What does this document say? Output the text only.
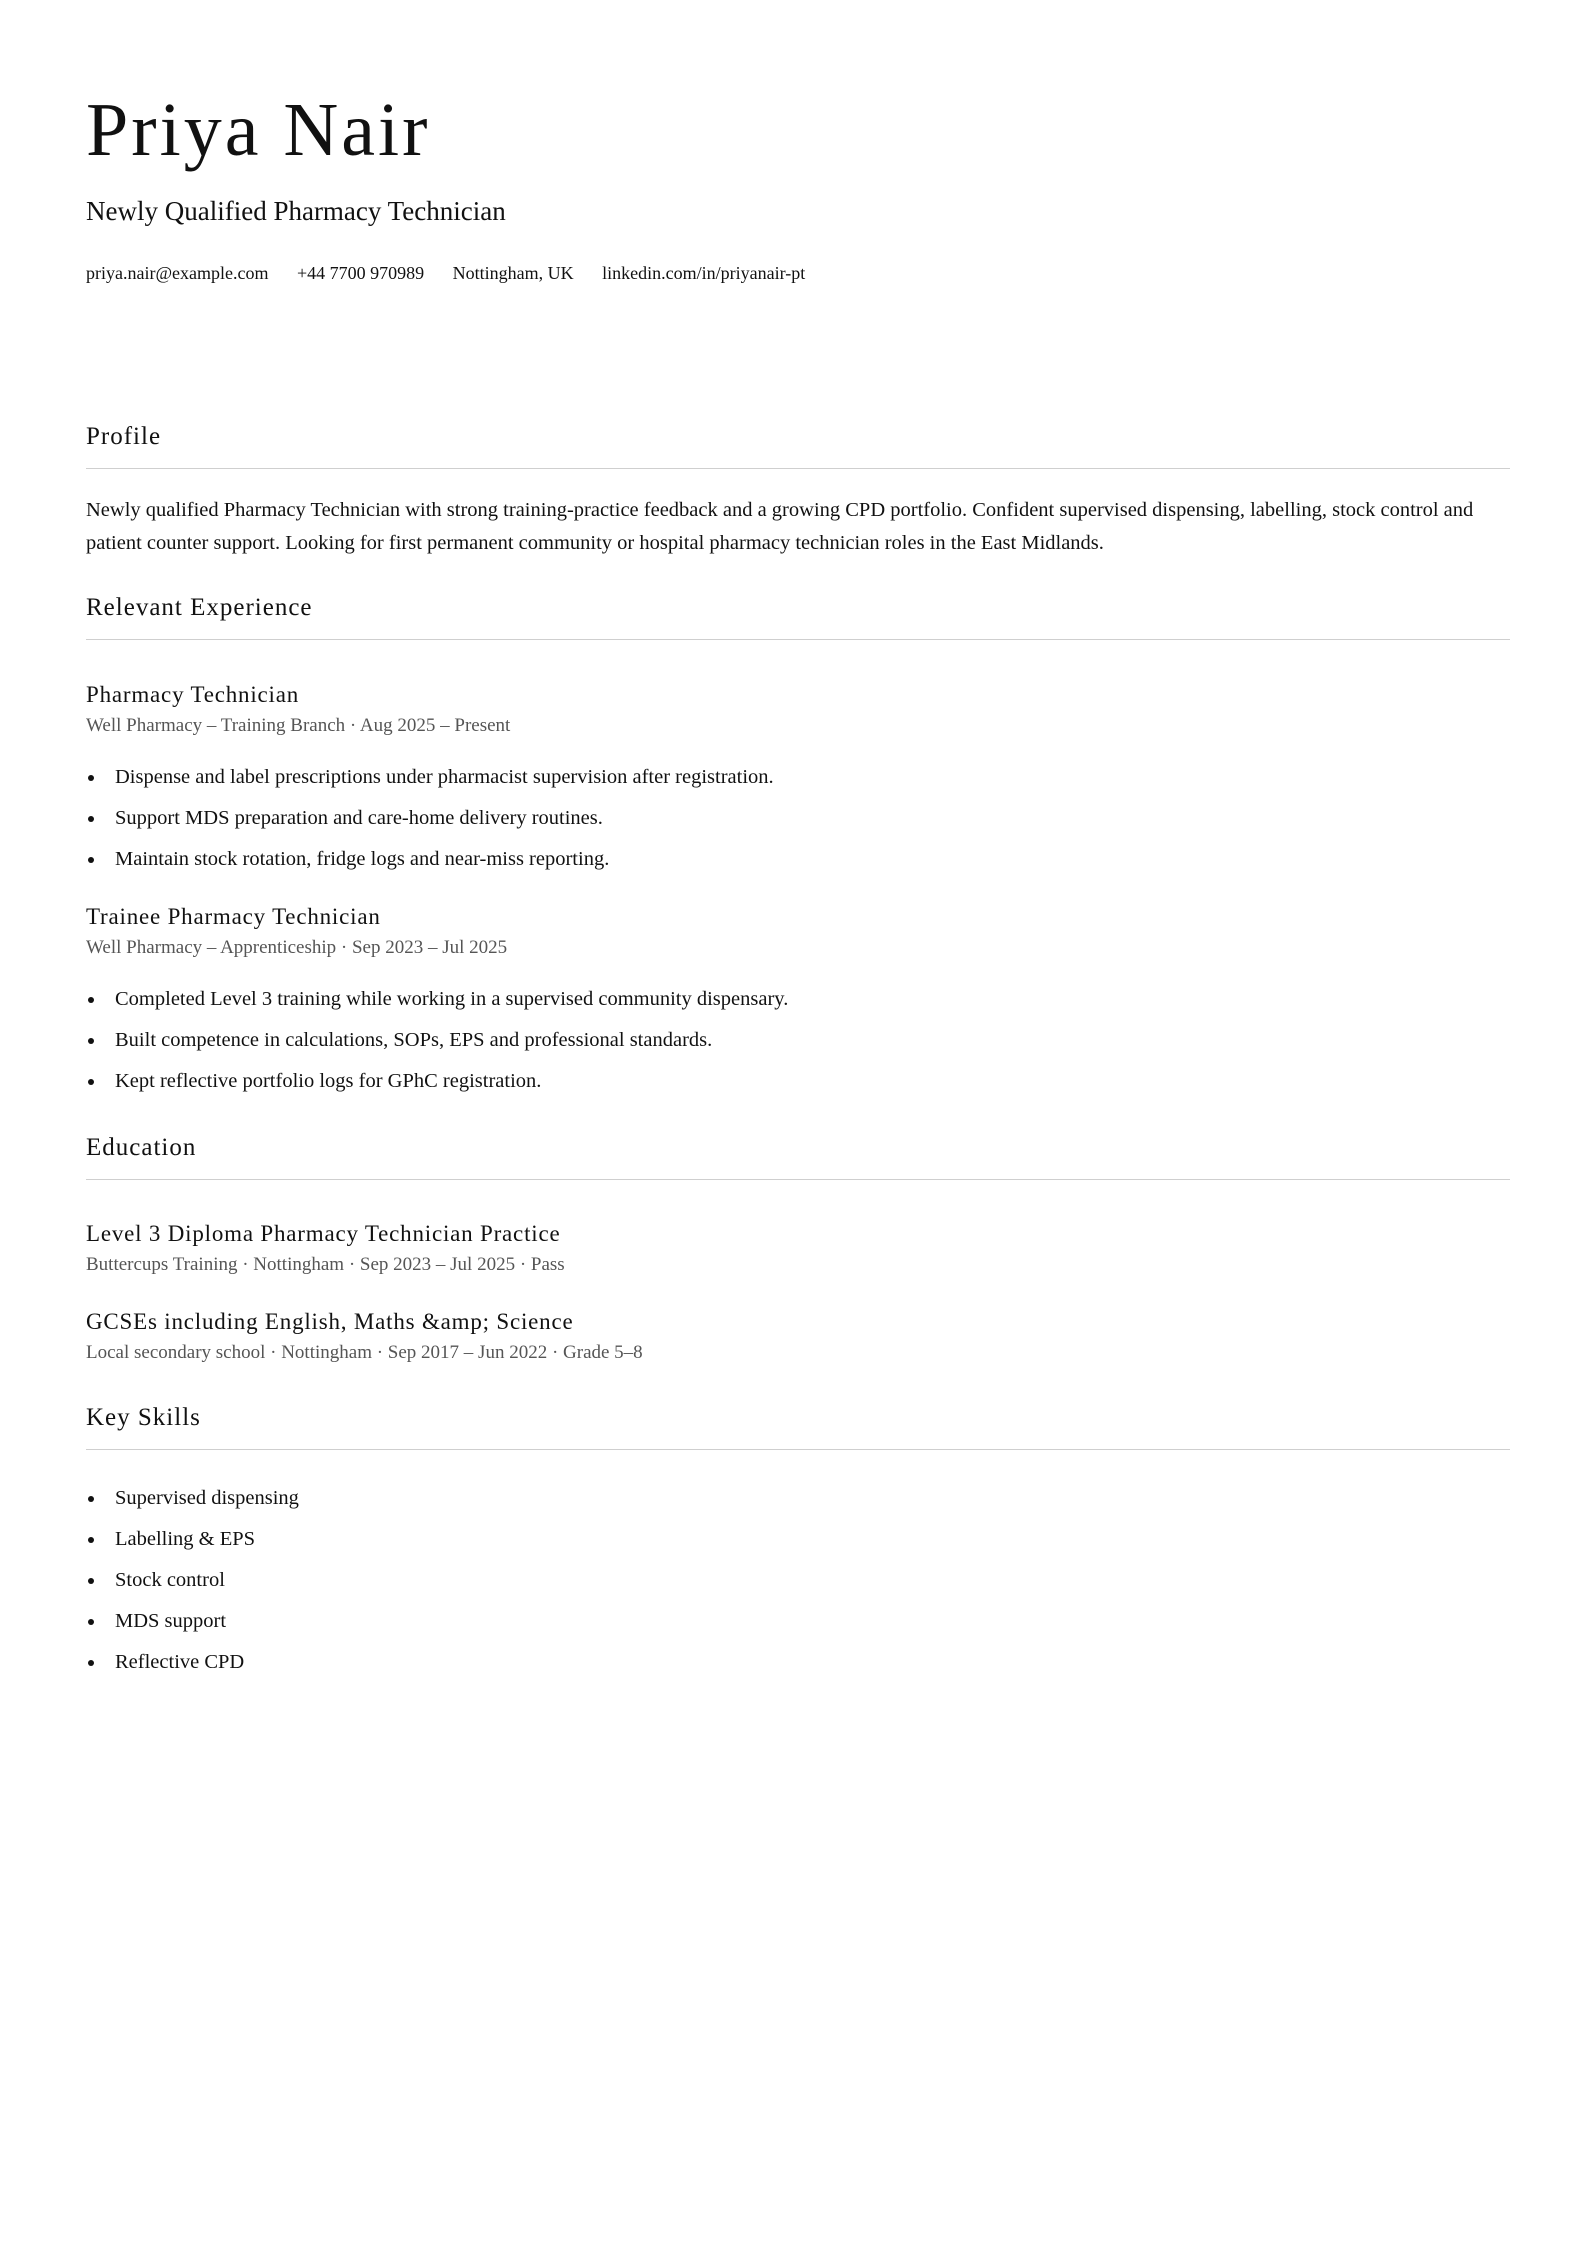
Priya Nair
Newly Qualified Pharmacy Technician
priya.nair@example.com +44 7700 970989 Nottingham, UK linkedin.com/in/priyanair-pt
Profile

Newly qualified Pharmacy Technician with strong training-practice feedback and a growing CPD portfolio. Confident supervised dispensing, labelling, stock control and patient counter support. Looking for first permanent community or hospital pharmacy technician roles in the East Midlands.

Relevant Experience
Pharmacy Technician
Well Pharmacy – Training Branch · Aug 2025 – Present
Dispense and label prescriptions under pharmacist supervision after registration.
Support MDS preparation and care-home delivery routines.
Maintain stock rotation, fridge logs and near-miss reporting.
Trainee Pharmacy Technician
Well Pharmacy – Apprenticeship · Sep 2023 – Jul 2025
Completed Level 3 training while working in a supervised community dispensary.
Built competence in calculations, SOPs, EPS and professional standards.
Kept reflective portfolio logs for GPhC registration.
Education
Level 3 Diploma Pharmacy Technician Practice
Buttercups Training · Nottingham · Sep 2023 – Jul 2025 · Pass
GCSEs including English, Maths &amp; Science
Local secondary school · Nottingham · Sep 2017 – Jun 2022 · Grade 5–8
Key Skills
Supervised dispensing
Labelling & EPS
Stock control
MDS support
Reflective CPD
